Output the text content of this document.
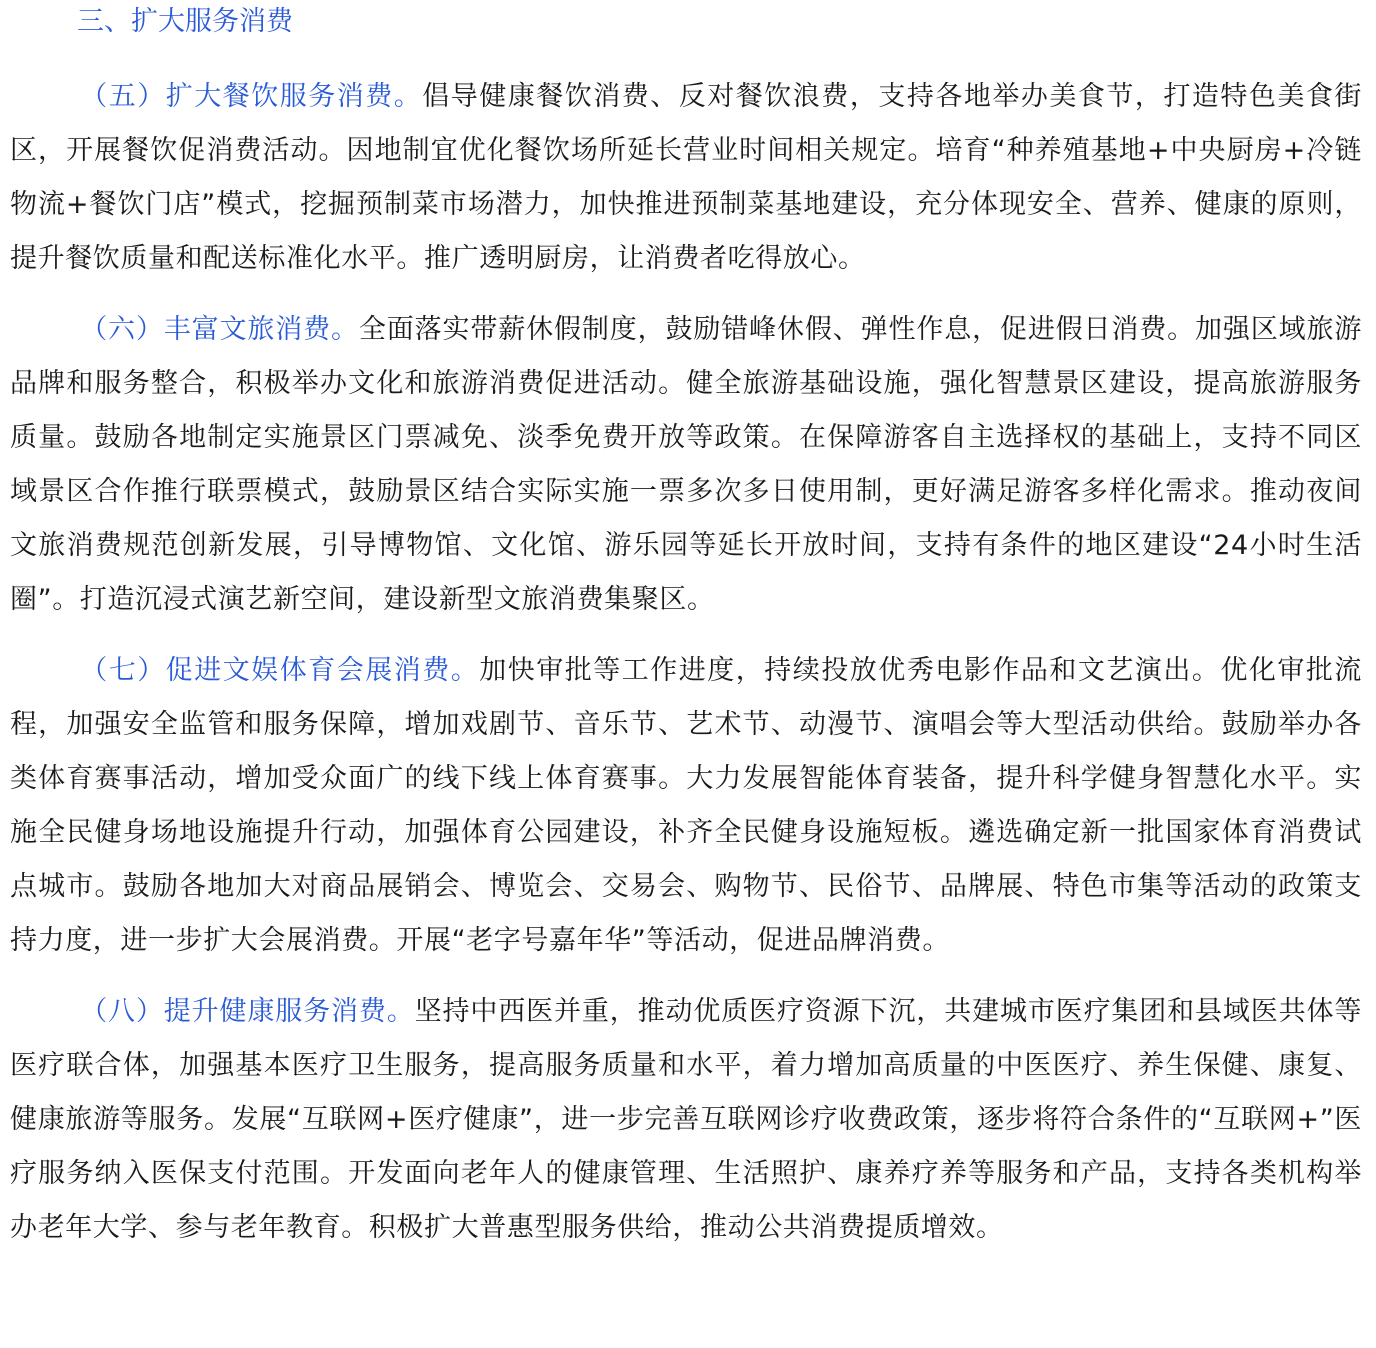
三、扩大服务消费

（五）扩大餐饮服务消费。倡导健康餐饮消费、反对餐饮浪费，支持各地举办美食节，打造特色美食街区，开展餐饮促消费活动。因地制宜优化餐饮场所延长营业时间相关规定。培育“种养殖基地+中央厨房+冷链物流+餐饮门店”模式，挖掘预制菜市场潜力，加快推进预制菜基地建设，充分体现安全、营养、健康的原则，提升餐饮质量和配送标准化水平。推广透明厨房，让消费者吃得放心。

（六）丰富文旅消费。全面落实带薪休假制度，鼓励错峰休假、弹性作息，促进假日消费。加强区域旅游品牌和服务整合，积极举办文化和旅游消费促进活动。健全旅游基础设施，强化智慧景区建设，提高旅游服务质量。鼓励各地制定实施景区门票减免、淡季免费开放等政策。在保障游客自主选择权的基础上，支持不同区域景区合作推行联票模式，鼓励景区结合实际实施一票多次多日使用制，更好满足游客多样化需求。推动夜间文旅消费规范创新发展，引导博物馆、文化馆、游乐园等延长开放时间，支持有条件的地区建设“24小时生活圈”。打造沉浸式演艺新空间，建设新型文旅消费集聚区。

（七）促进文娱体育会展消费。加快审批等工作进度，持续投放优秀电影作品和文艺演出。优化审批流程，加强安全监管和服务保障，增加戏剧节、音乐节、艺术节、动漫节、演唱会等大型活动供给。鼓励举办各类体育赛事活动，增加受众面广的线下线上体育赛事。大力发展智能体育装备，提升科学健身智慧化水平。实施全民健身场地设施提升行动，加强体育公园建设，补齐全民健身设施短板。遴选确定新一批国家体育消费试点城市。鼓励各地加大对商品展销会、博览会、交易会、购物节、民俗节、品牌展、特色市集等活动的政策支持力度，进一步扩大会展消费。开展“老字号嘉年华”等活动，促进品牌消费。

（八）提升健康服务消费。坚持中西医并重，推动优质医疗资源下沉，共建城市医疗集团和县域医共体等医疗联合体，加强基本医疗卫生服务，提高服务质量和水平，着力增加高质量的中医医疗、养生保健、康复、健康旅游等服务。发展“互联网+医疗健康”，进一步完善互联网诊疗收费政策，逐步将符合条件的“互联网+”医疗服务纳入医保支付范围。开发面向老年人的健康管理、生活照护、康养疗养等服务和产品，支持各类机构举办老年大学、参与老年教育。积极扩大普惠型服务供给，推动公共消费提质增效。
